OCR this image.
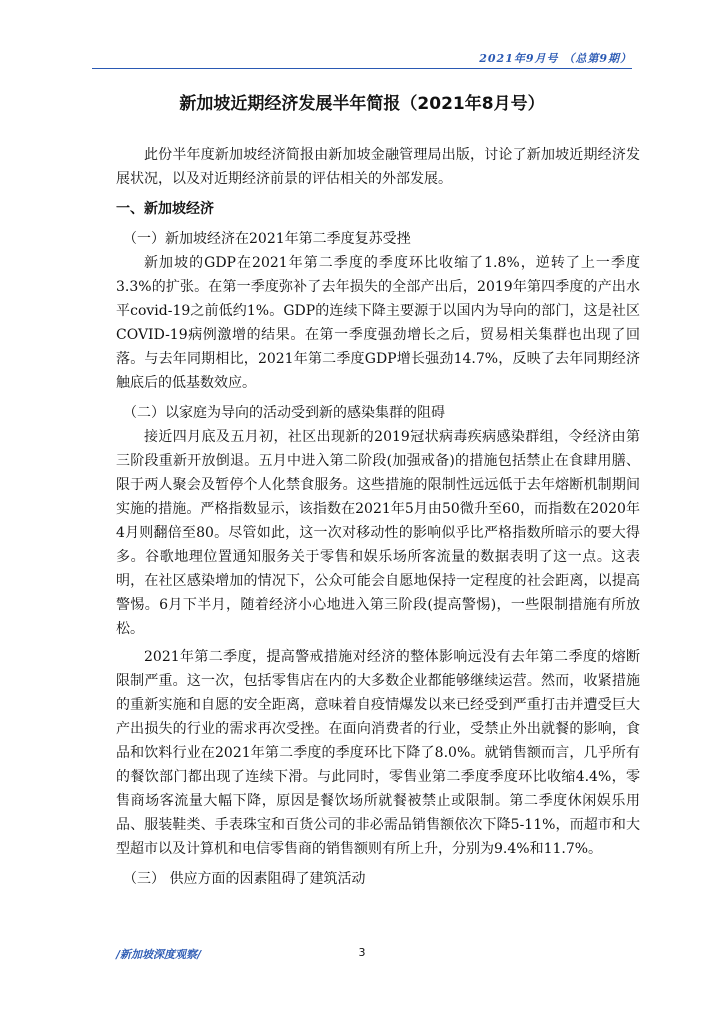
2021年9月号 （总第9期）
新加坡近期经济发展半年简报（2021年8月号）

此份半年度新加坡经济简报由新加坡金融管理局出版，讨论了新加坡近期经济发展状况，以及对近期经济前景的评估相关的外部发展。

一、新加坡经济
（一）新加坡经济在2021年第二季度复苏受挫

新加坡的GDP在2021年第二季度的季度环比收缩了1.8%，逆转了上一季度3.3%的扩张。在第一季度弥补了去年损失的全部产出后，2019年第四季度的产出水平covid-19之前低约1%。GDP的连续下降主要源于以国内为导向的部门，这是社区COVID-19病例激增的结果。在第一季度强劲增长之后，贸易相关集群也出现了回落。与去年同期相比，2021年第二季度GDP增长强劲14.7%，反映了去年同期经济触底后的低基数效应。

（二）以家庭为导向的活动受到新的感染集群的阻碍

接近四月底及五月初，社区出现新的2019冠状病毒疾病感染群组，令经济由第三阶段重新开放倒退。五月中进入第二阶段(加强戒备)的措施包括禁止在食肆用膳、限于两人聚会及暂停个人化禁食服务。这些措施的限制性远远低于去年熔断机制期间实施的措施。严格指数显示，该指数在2021年5月由50微升至60，而指数在2020年4月则翻倍至80。尽管如此，这一次对移动性的影响似乎比严格指数所暗示的要大得多。谷歌地理位置通知服务关于零售和娱乐场所客流量的数据表明了这一点。这表明，在社区感染增加的情况下，公众可能会自愿地保持一定程度的社会距离，以提高警惕。6月下半月，随着经济小心地进入第三阶段(提高警惕)，一些限制措施有所放松。

2021年第二季度，提高警戒措施对经济的整体影响远没有去年第二季度的熔断限制严重。这一次，包括零售店在内的大多数企业都能够继续运营。然而，收紧措施的重新实施和自愿的安全距离，意味着自疫情爆发以来已经受到严重打击并遭受巨大产出损失的行业的需求再次受挫。在面向消费者的行业，受禁止外出就餐的影响，食品和饮料行业在2021年第二季度的季度环比下降了8.0%。就销售额而言，几乎所有的餐饮部门都出现了连续下滑。与此同时，零售业第二季度季度环比收缩4.4%，零售商场客流量大幅下降，原因是餐饮场所就餐被禁止或限制。第二季度休闲娱乐用品、服装鞋类、手表珠宝和百货公司的非必需品销售额依次下降5-11%，而超市和大型超市以及计算机和电信零售商的销售额则有所上升，分别为9.4%和11.7%。

（三） 供应方面的因素阻碍了建筑活动
/新加坡深度观察/	3
